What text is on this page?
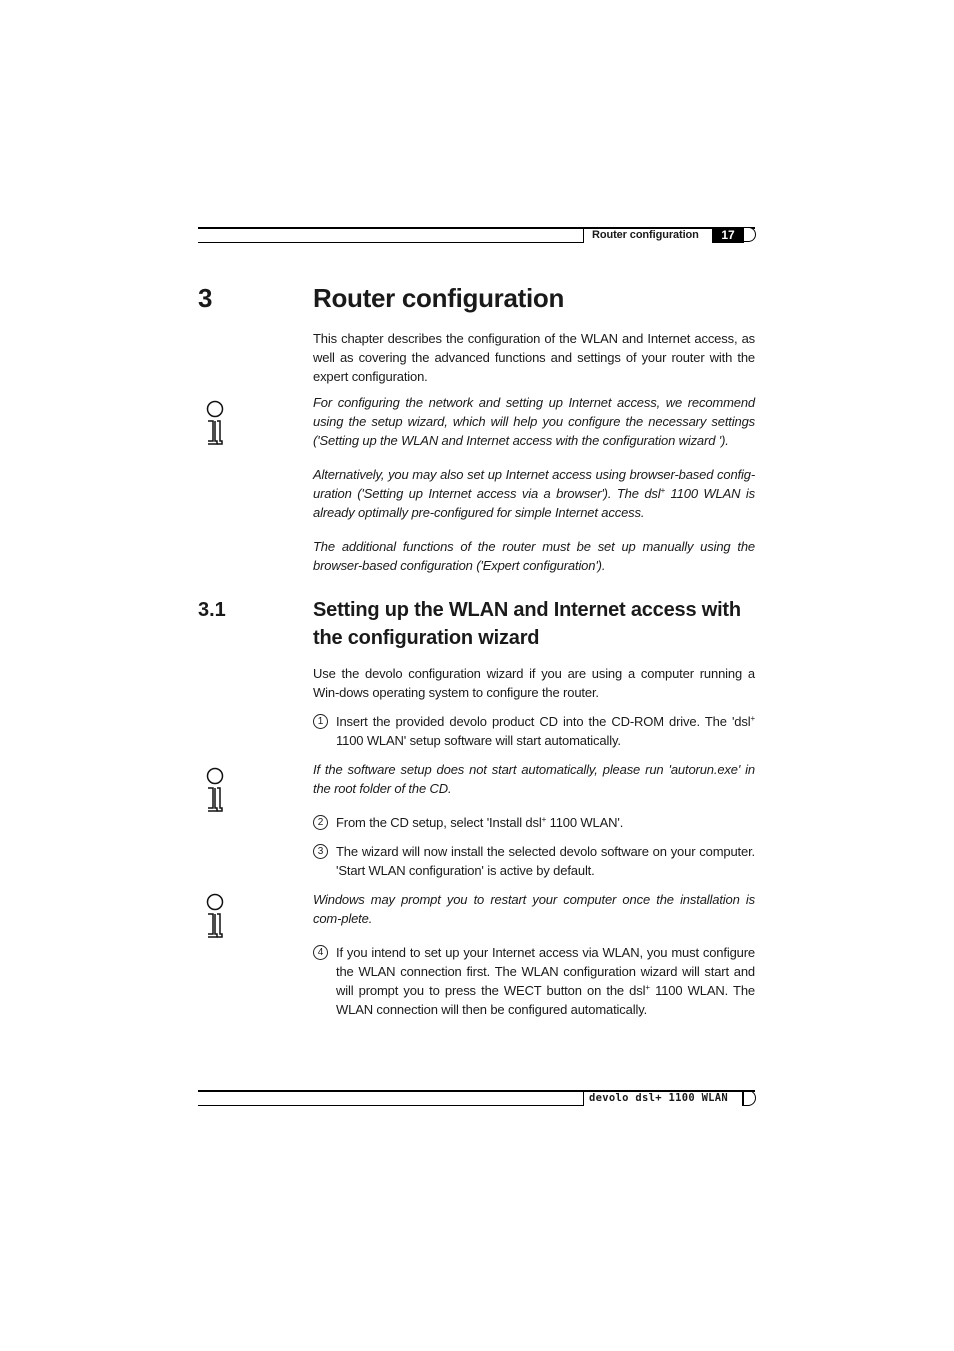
Router configuration	17
3	Router configuration
This chapter describes the configuration of the WLAN and Internet access, as well as covering the advanced functions and settings of your router with the expert configuration.
For configuring the network and setting up Internet access, we recommend using the setup wizard, which will help you configure the necessary settings ('Setting up the WLAN and Internet access with the configuration wizard ').
Alternatively, you may also set up Internet access using browser-based config-uration ('Setting up Internet access via a browser'). The dsl+ 1100 WLAN is already optimally pre-configured for simple Internet access.
The additional functions of the router must be set up manually using the browser-based configuration ('Expert configuration').
3.1	Setting up the WLAN and Internet access with the configuration wizard
Use the devolo configuration wizard if you are using a computer running a Win-dows operating system to configure the router.
1 Insert the provided devolo product CD into the CD-ROM drive. The 'dsl+ 1100 WLAN' setup software will start automatically.
If the software setup does not start automatically, please run 'autorun.exe' in the root folder of the CD.
2 From the CD setup, select 'Install dsl+ 1100 WLAN'.
3 The wizard will now install the selected devolo software on your computer. 'Start WLAN configuration' is active by default.
Windows may prompt you to restart your computer once the installation is com-plete.
4 If you intend to set up your Internet access via WLAN, you must configure the WLAN connection first. The WLAN configuration wizard will start and will prompt you to press the WECT button on the dsl+ 1100 WLAN. The WLAN connection will then be configured automatically.
devolo dsl+ 1100 WLAN
